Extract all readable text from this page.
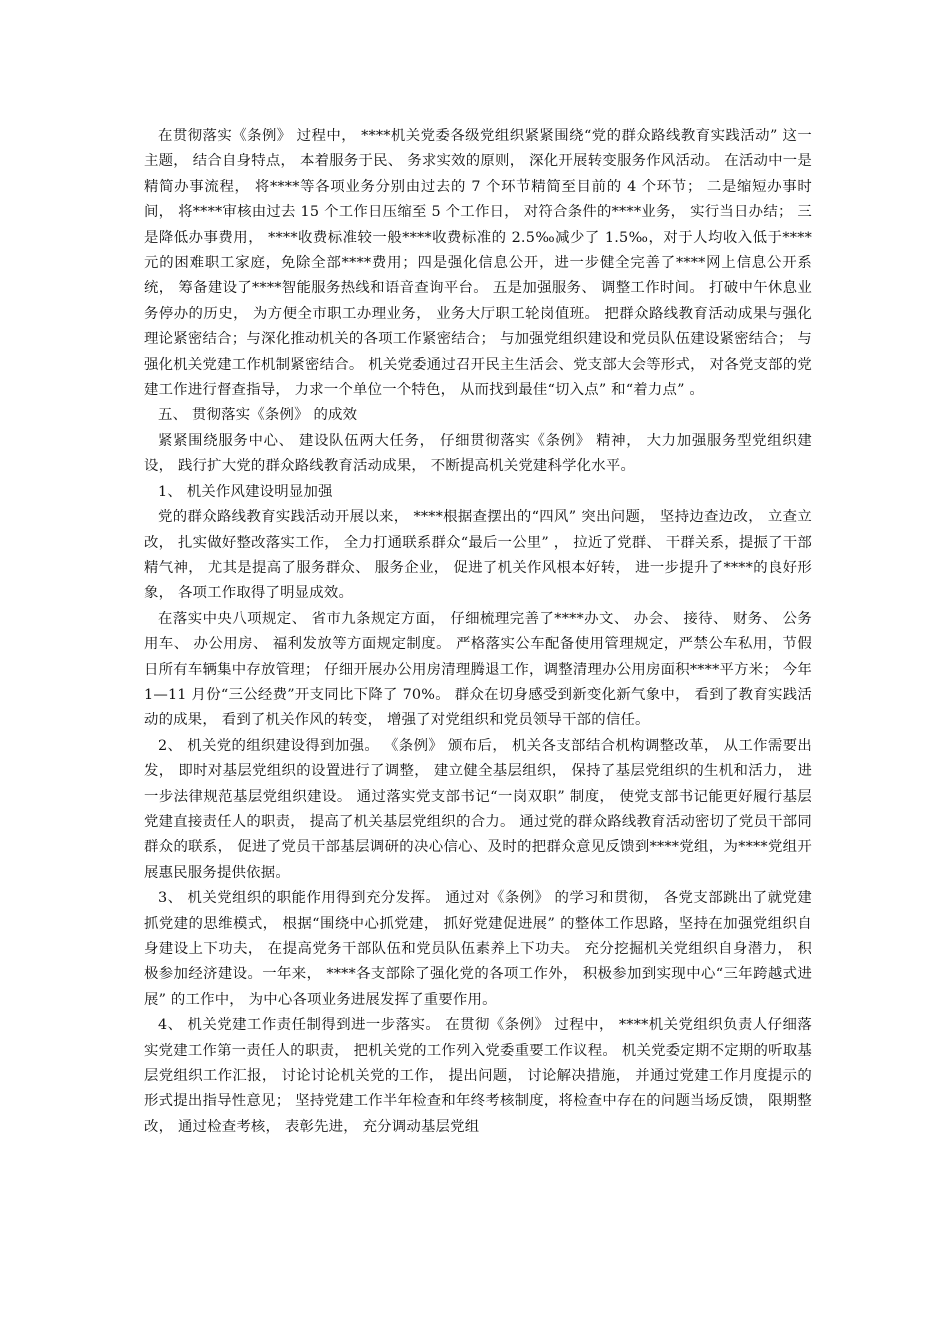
在贯彻落实《条例》 过程中， ****机关党委各级党组织紧紧围绕“党的群众路线教育实践活动” 这一主题， 结合自身特点， 本着服务于民、 务求实效的原则， 深化开展转变服务作风活动。 在活动中一是精简办事流程， 将****等各项业务分别由过去的 7 个环节精简至目前的 4 个环节； 二是缩短办事时间， 将****审核由过去 15 个工作日压缩至 5 个工作日， 对符合条件的****业务， 实行当日办结； 三是降低办事费用， ****收费标准较一般****收费标准的 2.5‰减少了 1.5‰，对于人均收入低于****元的困难职工家庭，免除全部****费用；四是强化信息公开，进一步健全完善了****网上信息公开系统， 筹备建设了****智能服务热线和语音查询平台。 五是加强服务、 调整工作时间。 打破中午休息业务停办的历史， 为方便全市职工办理业务， 业务大厅职工轮岗值班。 把群众路线教育活动成果与强化理论紧密结合；与深化推动机关的各项工作紧密结合； 与加强党组织建设和党员队伍建设紧密结合； 与强化机关党建工作机制紧密结合。 机关党委通过召开民主生活会、党支部大会等形式， 对各党支部的党建工作进行督查指导， 力求一个单位一个特色， 从而找到最佳“切入点” 和“着力点” 。

五、 贯彻落实《条例》 的成效

紧紧围绕服务中心、 建设队伍两大任务， 仔细贯彻落实《条例》 精神， 大力加强服务型党组织建设， 践行扩大党的群众路线教育活动成果， 不断提高机关党建科学化水平。

1、 机关作风建设明显加强

党的群众路线教育实践活动开展以来， ****根据查摆出的“四风” 突出问题， 坚持边查边改， 立查立改， 扎实做好整改落实工作， 全力打通联系群众“最后一公里” ， 拉近了党群、 干群关系，提振了干部精气神， 尤其是提高了服务群众、 服务企业， 促进了机关作风根本好转， 进一步提升了****的良好形象， 各项工作取得了明显成效。

在落实中央八项规定、 省市九条规定方面， 仔细梳理完善了****办文、 办会、 接待、 财务、 公务用车、 办公用房、 福利发放等方面规定制度。 严格落实公车配备使用管理规定，严禁公车私用，节假日所有车辆集中存放管理； 仔细开展办公用房清理腾退工作，调整清理办公用房面积****平方米； 今年 1—11 月份“三公经费”开支同比下降了 70%。 群众在切身感受到新变化新气象中， 看到了教育实践活动的成果， 看到了机关作风的转变， 增强了对党组织和党员领导干部的信任。

2、 机关党的组织建设得到加强。 《条例》 颁布后， 机关各支部结合机构调整改革， 从工作需要出发， 即时对基层党组织的设置进行了调整， 建立健全基层组织， 保持了基层党组织的生机和活力， 进一步法律规范基层党组织建设。 通过落实党支部书记“一岗双职” 制度， 使党支部书记能更好履行基层党建直接责任人的职责， 提高了机关基层党组织的合力。 通过党的群众路线教育活动密切了党员干部同群众的联系， 促进了党员干部基层调研的决心信心、及时的把群众意见反馈到****党组，为****党组开展惠民服务提供依据。

3、 机关党组织的职能作用得到充分发挥。 通过对《条例》 的学习和贯彻， 各党支部跳出了就党建抓党建的思维模式， 根据“围绕中心抓党建， 抓好党建促进展” 的整体工作思路，坚持在加强党组织自身建设上下功夫， 在提高党务干部队伍和党员队伍素养上下功夫。 充分挖掘机关党组织自身潜力， 积极参加经济建设。一年来， ****各支部除了强化党的各项工作外， 积极参加到实现中心“三年跨越式进展” 的工作中， 为中心各项业务进展发挥了重要作用。

4、 机关党建工作责任制得到进一步落实。 在贯彻《条例》 过程中， ****机关党组织负责人仔细落实党建工作第一责任人的职责， 把机关党的工作列入党委重要工作议程。 机关党委定期不定期的听取基层党组织工作汇报， 讨论讨论机关党的工作， 提出问题， 讨论解决措施， 并通过党建工作月度提示的形式提出指导性意见； 坚持党建工作半年检查和年终考核制度，将检查中存在的问题当场反馈， 限期整改， 通过检查考核， 表彰先进， 充分调动基层党组
